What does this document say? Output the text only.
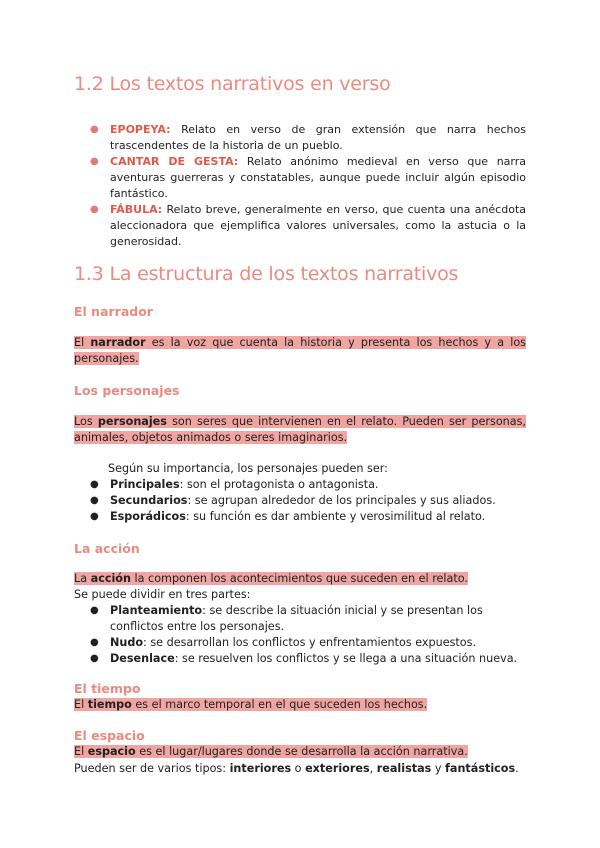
1.2 Los textos narrativos en verso
● EPOPEYA: Relato en verso de gran extensión que narra hechos trascendentes de la historia de un pueblo.
● CANTAR DE GESTA: Relato anónimo medieval en verso que narra aventuras guerreras y constatables, aunque puede incluir algún episodio fantástico.
● FÁBULA: Relato breve, generalmente en verso, que cuenta una anécdota aleccionadora que ejemplifica valores universales, como la astucia o la generosidad.
1.3 La estructura de los textos narrativos
El narrador

El narrador es la voz que cuenta la historia y presenta los hechos y a los personajes.

Los personajes

Los personajes son seres que intervienen en el relato. Pueden ser personas, animales, objetos animados o seres imaginarios.

Según su importancia, los personajes pueden ser:

● Principales: son el protagonista o antagonista.
● Secundarios: se agrupan alrededor de los principales y sus aliados.
● Esporádicos: su función es dar ambiente y verosimilitud al relato.
La acción

La acción la componen los acontecimientos que suceden en el relato.

Se puede dividir en tres partes:

● Planteamiento: se describe la situación inicial y se presentan los conflictos entre los personajes.
● Nudo: se desarrollan los conflictos y enfrentamientos expuestos.
● Desenlace: se resuelven los conflictos y se llega a una situación nueva.
El tiempo

El tiempo es el marco temporal en el que suceden los hechos.

El espacio

El espacio es el lugar/lugares donde se desarrolla la acción narrativa.

Pueden ser de varios tipos: interiores o exteriores, realistas y fantásticos.
